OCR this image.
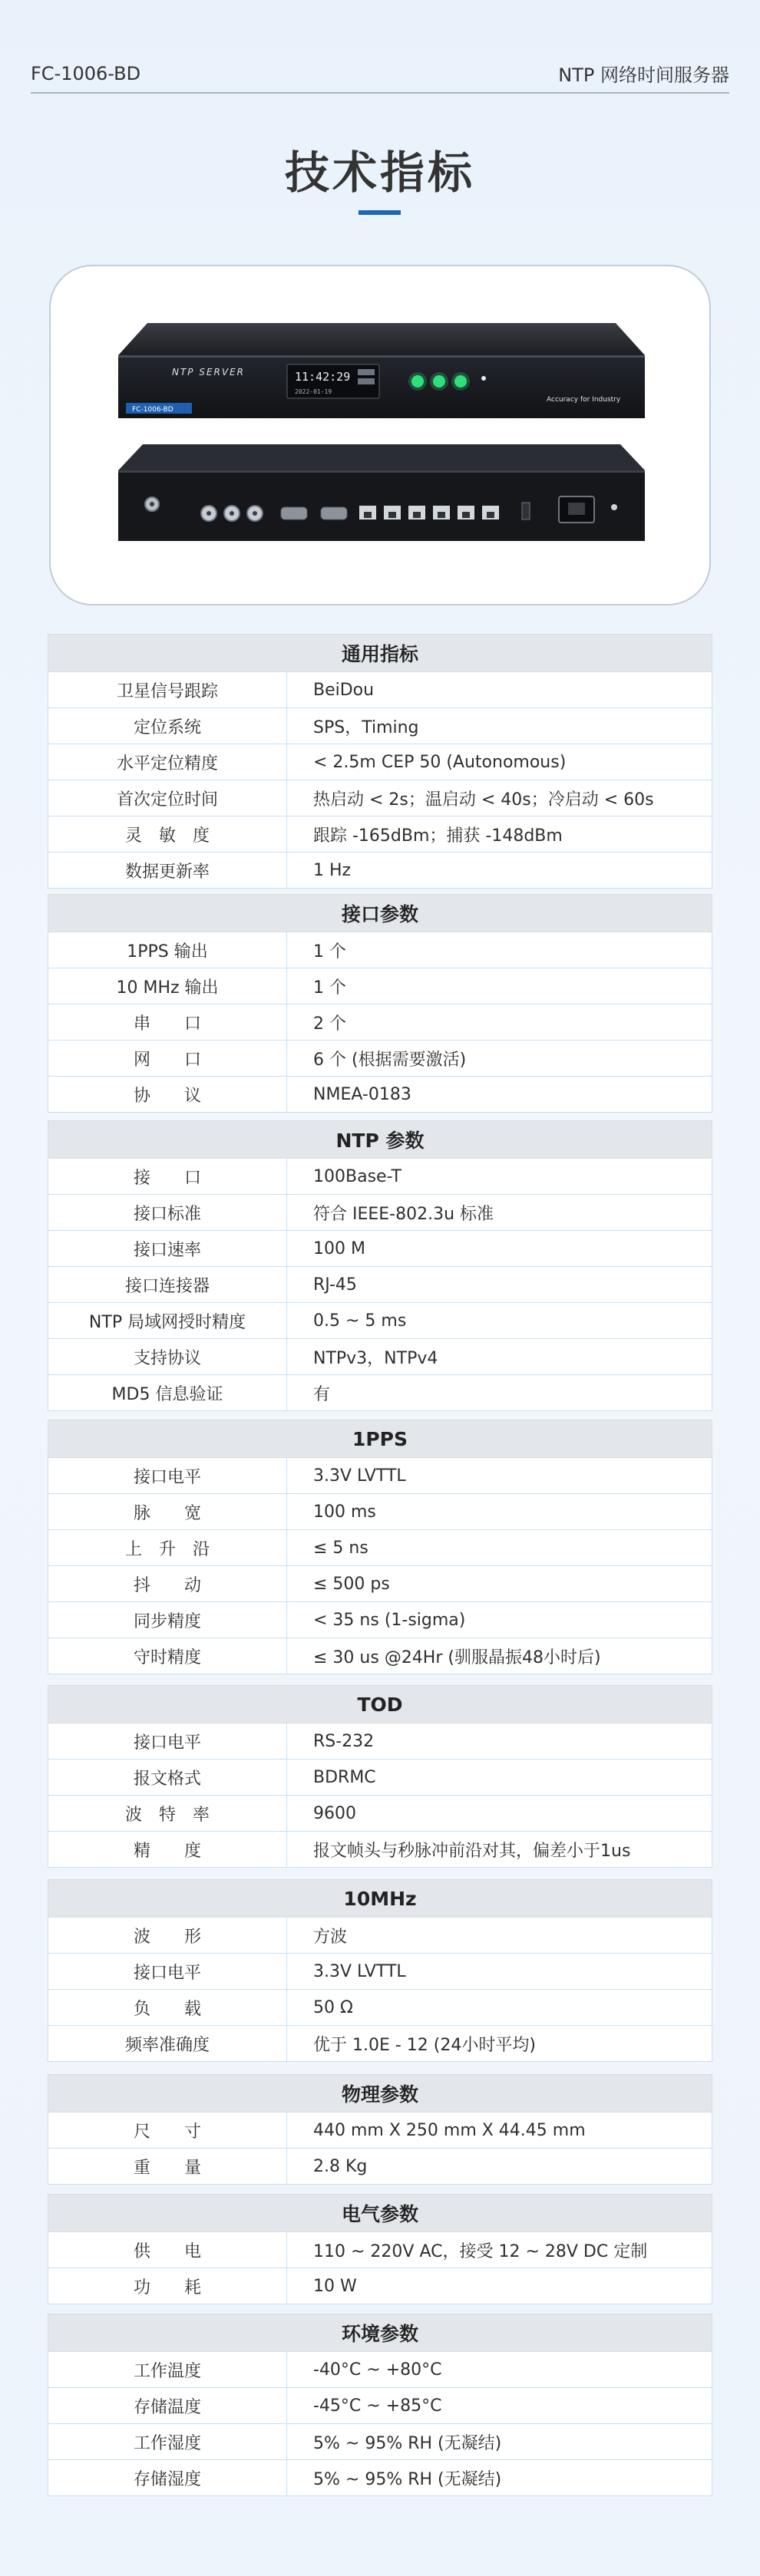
FC-1006-BD	NTP 网络时间服务器
技术指标
NTP SERVER
FC-1006-BD
11:42:29
2022-01-19
Accuracy for Industry
通用指标	
卫星信号跟踪	BeiDou
定位系统	SPS，Timing
水平定位精度	< 2.5m CEP 50 (Autonomous)
首次定位时间	热启动 < 2s；温启动 < 40s；冷启动 < 60s
灵　敏　度	跟踪 -165dBm；捕获 -148dBm
数据更新率	1 Hz
接口参数	
1PPS 输出	1 个
10 MHz 输出	1 个
串　　口	2 个
网　　口	6 个 (根据需要激活)
协　　议	NMEA-0183
NTP 参数	
接　　口	100Base-T
接口标准	符合 IEEE-802.3u 标准
接口速率	100 M
接口连接器	RJ-45
NTP 局域网授时精度	0.5 ~ 5 ms
支持协议	NTPv3，NTPv4
MD5 信息验证	有
1PPS	
接口电平	3.3V LVTTL
脉　　宽	100 ms
上　升　沿	≤ 5 ns
抖　　动	≤ 500 ps
同步精度	< 35 ns (1-sigma)
守时精度	≤ 30 us @24Hr (驯服晶振48小时后)
TOD	
接口电平	RS-232
报文格式	BDRMC
波　特　率	9600
精　　度	报文帧头与秒脉冲前沿对其，偏差小于1us
10MHz	
波　　形	方波
接口电平	3.3V LVTTL
负　　载	50 Ω
频率准确度	优于 1.0E - 12 (24小时平均)
物理参数	
尺　　寸	440 mm X 250 mm X 44.45 mm
重　　量	2.8 Kg
电气参数	
供　　电	110 ~ 220V AC，接受 12 ~ 28V DC 定制
功　　耗	10 W
环境参数	
工作温度	-40°C ~ +80°C
存储温度	-45°C ~ +85°C
工作湿度	5% ~ 95% RH (无凝结)
存储湿度	5% ~ 95% RH (无凝结)
